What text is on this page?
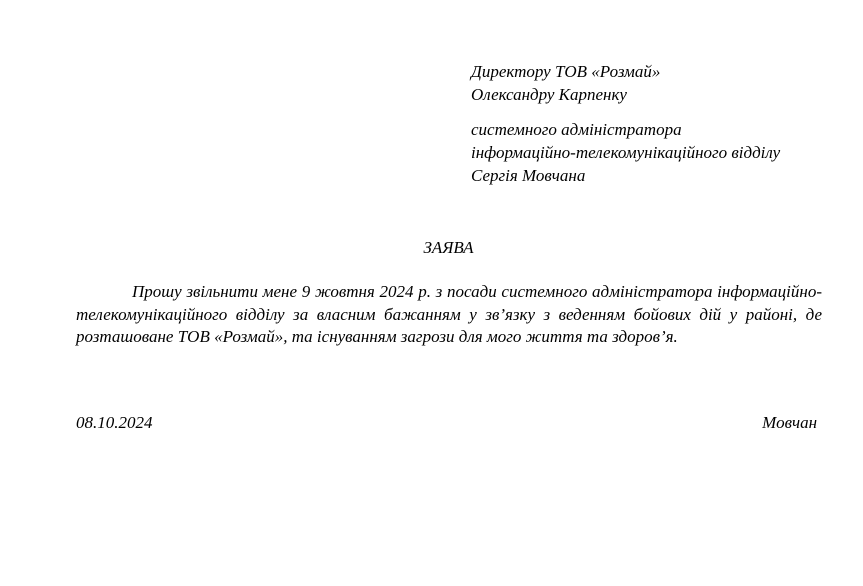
Директору ТОВ «Розмай»
Олександру Карпенку
системного адміністратора
інформаційно-телекомунікаційного відділу
Сергія Мовчана
ЗАЯВА

Прошу звільнити мене 9 жовтня 2024 р. з посади системного адміністратора інформаційно-телекомунікаційного відділу за власним бажанням у зв’язку з веденням бойових дій у районі, де розташоване ТОВ «Розмай», та існуванням загрози для мого життя та здоров’я.

08.10.2024	Мовчан
